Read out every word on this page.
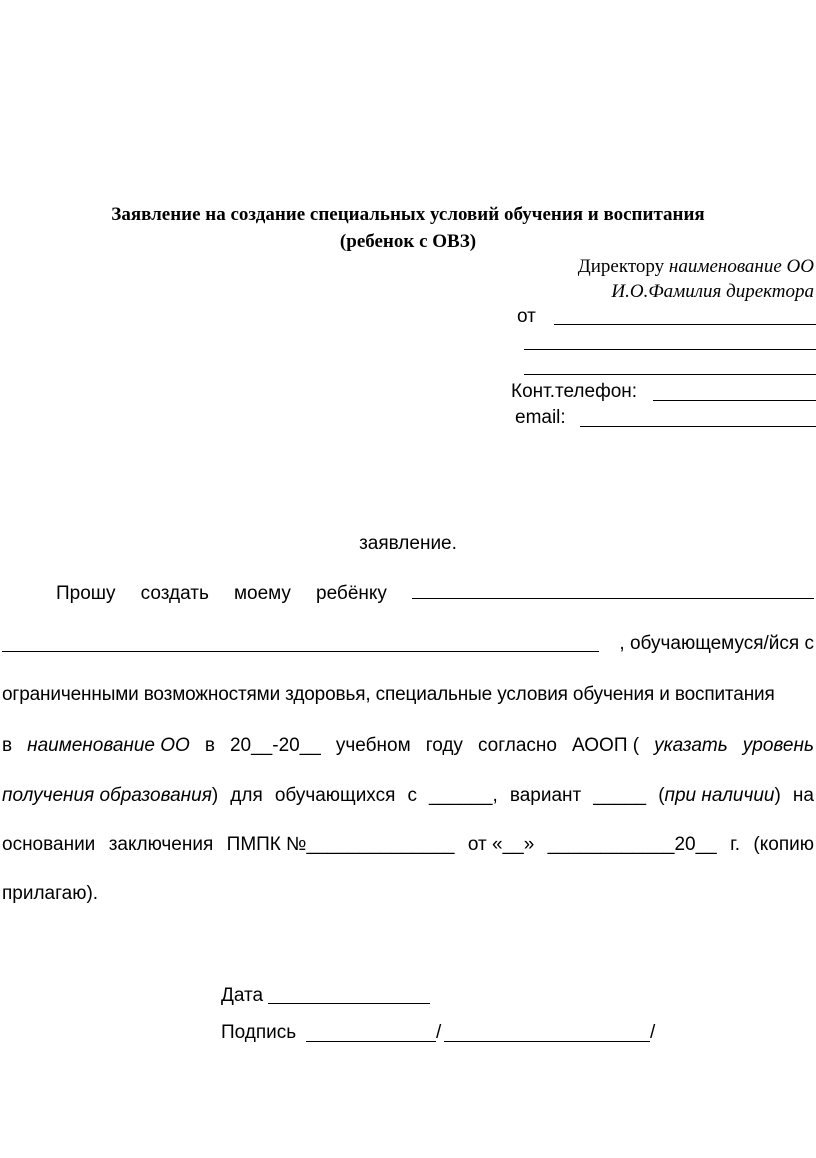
Заявление на создание специальных условий обучения и воспитания
(ребенок с ОВЗ)
Директору наименование ОО
И.О.Фамилия директора
от
Конт.телефон:
email:
заявление.
Прошу создать моему ребёнку
, обучающемуся/йся с
ограниченными возможностями здоровья, специальные условия обучения и воспитания
в наименование ОО в 20__-20__ учебном году согласно АООП ( указать уровень
получения образования) для обучающихся с ______, вариант _____ (при наличии) на
основании заключения ПМПК №______________ от «__» ____________20__ г. (копию
прилагаю).
Дата
Подпись	/	/
